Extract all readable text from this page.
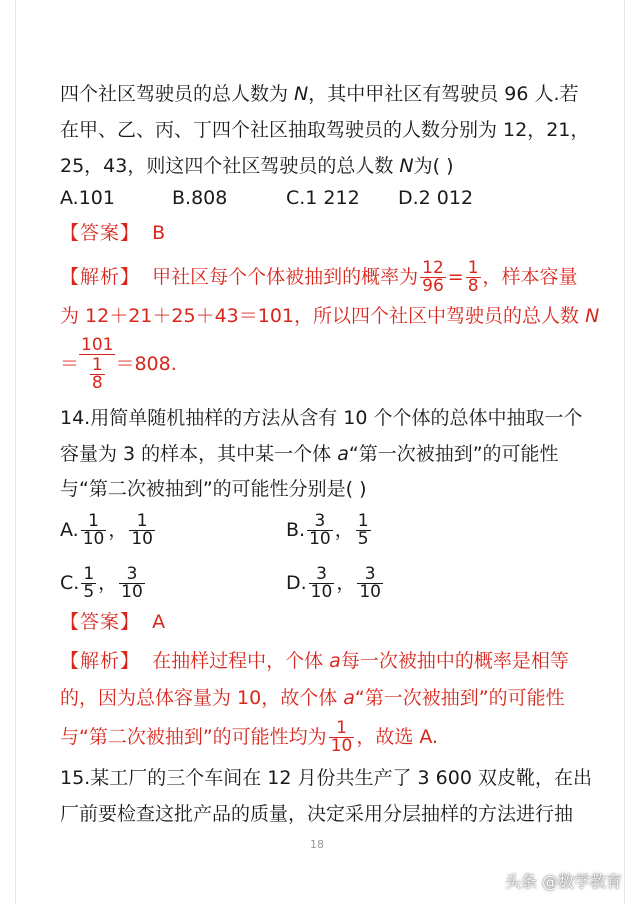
四个社区驾驶员的总人数为 N，其中甲社区有驾驶员 96 人.若
在甲、乙、丙、丁四个社区抽取驾驶员的人数分别为 12，21，
25，43，则这四个社区驾驶员的总人数 N为( )
A.101	B.808	C.1 212 D.2 012
【答案】 B
【解析】 甲社区每个个体被抽到的概率为 $\frac{12}{96} = \frac{1}{8}$ ，样本容量
为 12＋21＋25＋43＝101，所以四个社区中驾驶员的总人数 N
＝ $\frac{101}{\frac{1}{8}} =808$.
14.用简单随机抽样的方法从含有 10 个个体的总体中抽取一个
容量为 3 的样本，其中某一个体 a“第一次被抽到”的可能性
与“第二次被抽到”的可能性分别是( )
A. $\frac{1}{10}$ ， $\frac{1}{10}$	B. $\frac{3}{10}$ ， $\frac{1}{5}$
C. $\frac{1}{5}$ ， $\frac{3}{10}$	D. $\frac{3}{10}$ ， $\frac{3}{10}$
【答案】 A
【解析】 在抽样过程中，个体 a每一次被抽中的概率是相等
的，因为总体容量为 10，故个体 a“第一次被抽到”的可能性
与“第二次被抽到”的可能性均为 $\frac{1}{10}$ ，故选 A.
15.某工厂的三个车间在 12 月份共生产了 3 600 双皮靴，在出
厂前要检查这批产品的质量，决定采用分层抽样的方法进行抽
18
头条 @数学教育
